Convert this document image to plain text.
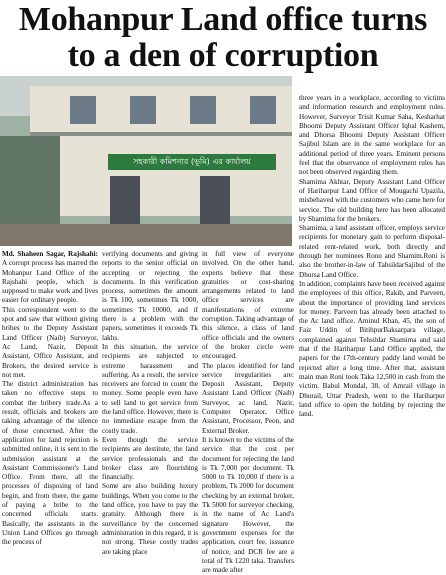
Mohanpur Land office turns
to a den of corruption
সহকারী কমিশনার (ভূমি) এর কার্যালয়

Md. Shaheen Sagar, Rajshahi: A corrupt process has marred the Mohanpur Land Office of the Rajshahi people, which is supposed to make work and lives easier for ordinary people.
This correspondent went to the spot and saw that without giving bribes to the Deputy Assistant Land Officer (Naib) Surveyor, Ac Land, Nazir, Deposit Assistant, Office Assistant, and Brokers, the desired service is not met.
The district administration has taken no effective steps to combat the bribery trade.As a result, officials and brokers are taking advantage of the silence of those concerned. After the application for land rejection is submitted online, it is sent to the submission assistant at the Assistant Commissioner's Land Office. From there, all the processes of disposing of land begin, and from there, the game of paying a bribe to the concerned officials starts. Basically, the assistants in the Union Land Offices go through the process of

verifying documents and giving reports to the senior official on accepting or rejecting the documents. In this verification process, sometimes the amount is Tk 100, sometimes Tk 1000, sometimes Tk 10000, and if there is a problem with the papers, sometimes it exceeds Tk lakhs.
In this situation, the service recipients are subjected to extreme harassment and suffering. As a result, the service receivers are forced to count the money. Some people even have to sell land to get service from the land office. However, there is no immediate escape from the costly trade.
Even though the service recipients are destitute, the land service professionals and the broker class are flourishing financially.
Some are also building luxury buildings. When you come to the land office, you have to pay the gratuity. Although there is surveillance by the concerned administration in this regard, it is not strong. These costly trades are taking place

three years in a workplace, according to victims and information research and employment rules. However, Surveyor Trisit Kumar Saha, Kesharhat Bhoomi Deputy Assistant Officer Iqbal Kashem, and Dhorsa Bhoomi Deputy Assistant Officer Sajibul Islam are in the same workplace for an additional period of three years. Eminent persons feel that the observance of employment rules has not been observed regarding them.
Shamima Akhtar, Deputy Assistant Land Officer of Hariharpur Land Office of Mougachi Upazila, misbehaved with the customers who came here for service. The old building here has been allocated by Shamima for the brokers.
Shamima, a land assistant officer, employs service recipients for monetary gain to perform disposal-related rent-related work, both directly and through her nominees Ronu and Shamim.Roni is also the brother-in-law of TahsildarSajibul of the Dhorsa Land Office.
In addition, complaints have been received against the employees of this office, Rakib, and Parveen, about the importance of providing land services for money. Parveen has already been attached to the Ac land office. Aminul Khan, 45, the son of Faiz Uddin of BitihpurBaksarpara village, complained against Tehsildar Shamima and said that if the Hariharpur Land Office applied, the papers for the 17th-century paddy land would be rejected after a long time. After that, assistant main man Roni took Taka 12,500 in cash from the victim. Babul Mondal, 38, of Amrail village in Dhurail, Uttar Pradesh, went to the Hariharpur land office to open the holding by rejecting the land.

in full view of everyone involved. On the other hand, experts believe that these gratuities or cost-sharing arrangements related to land office services are manifestations of extreme corruption. Taking advantage of this silence, a class of land office officials and the owners of the broker circle were encouraged.
The places identified for land service irregularities are: Deposit Assistant, Deputy Assistant Land Officer (Naib) Surveyor, ac land, Nazir, Computer Operator, Office Assistant, Processor, Peon, and External Broker.
It is known to the victims of the service that the cost per document for rejecting the land is Tk 7,000 per document. Tk 5000 to Tk 10,000 if there is a problem, Tk 2000 for document checking by an external broker, Tk 5000 for surveyor checking, in the name of Ac Land's signature However, the government expenses for the application, court fee, issuance of notice, and DCR fee are a total of Tk 1220 taka. Transfers are made after
